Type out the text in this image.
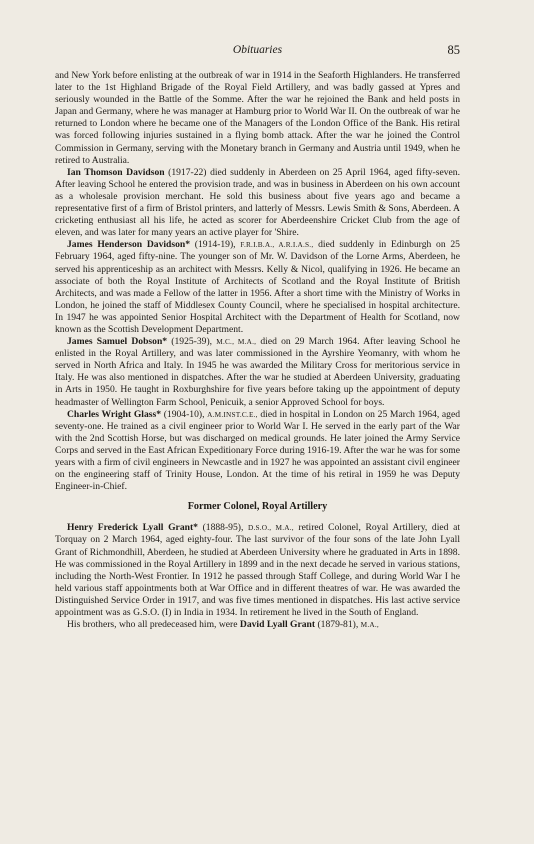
Obituaries	85

and New York before enlisting at the outbreak of war in 1914 in the Seaforth Highlanders. He transferred later to the 1st Highland Brigade of the Royal Field Artillery, and was badly gassed at Ypres and seriously wounded in the Battle of the Somme. After the war he rejoined the Bank and held posts in Japan and Germany, where he was manager at Hamburg prior to World War II. On the outbreak of war he returned to London where he became one of the Managers of the London Office of the Bank. His retiral was forced following injuries sustained in a flying bomb attack. After the war he joined the Control Commission in Germany, serving with the Monetary branch in Germany and Austria until 1949, when he retired to Australia.

Ian Thomson Davidson (1917-22) died suddenly in Aberdeen on 25 April 1964, aged fifty-seven. After leaving School he entered the provision trade, and was in business in Aberdeen on his own account as a wholesale provision merchant. He sold this business about five years ago and became a representative first of a firm of Bristol printers, and latterly of Messrs. Lewis Smith & Sons, Aberdeen. A cricketing enthusiast all his life, he acted as scorer for Aberdeenshire Cricket Club from the age of eleven, and was later for many years an active player for 'Shire.

James Henderson Davidson* (1914-19), F.R.I.B.A., A.R.I.A.S., died suddenly in Edinburgh on 25 February 1964, aged fifty-nine. The younger son of Mr. W. Davidson of the Lorne Arms, Aberdeen, he served his apprenticeship as an architect with Messrs. Kelly & Nicol, qualifying in 1926. He became an associate of both the Royal Institute of Architects of Scotland and the Royal Institute of British Architects, and was made a Fellow of the latter in 1956. After a short time with the Ministry of Works in London, he joined the staff of Middlesex County Council, where he specialised in hospital architecture. In 1947 he was appointed Senior Hospital Architect with the Department of Health for Scotland, now known as the Scottish Development Department.

James Samuel Dobson* (1925-39), M.C., M.A., died on 29 March 1964. After leaving School he enlisted in the Royal Artillery, and was later commissioned in the Ayrshire Yeomanry, with whom he served in North Africa and Italy. In 1945 he was awarded the Military Cross for meritorious service in Italy. He was also mentioned in dispatches. After the war he studied at Aberdeen University, graduating in Arts in 1950. He taught in Roxburghshire for five years before taking up the appointment of deputy headmaster of Wellington Farm School, Penicuik, a senior Approved School for boys.

Charles Wright Glass* (1904-10), A.M.INST.C.E., died in hospital in London on 25 March 1964, aged seventy-one. He trained as a civil engineer prior to World War I. He served in the early part of the War with the 2nd Scottish Horse, but was discharged on medical grounds. He later joined the Army Service Corps and served in the East African Expeditionary Force during 1916-19. After the war he was for some years with a firm of civil engineers in Newcastle and in 1927 he was appointed an assistant civil engineer on the engineering staff of Trinity House, London. At the time of his retiral in 1959 he was Deputy Engineer-in-Chief.

Former Colonel, Royal Artillery

Henry Frederick Lyall Grant* (1888-95), D.S.O., M.A., retired Colonel, Royal Artillery, died at Torquay on 2 March 1964, aged eighty-four. The last survivor of the four sons of the late John Lyall Grant of Richmondhill, Aberdeen, he studied at Aberdeen University where he graduated in Arts in 1898. He was commissioned in the Royal Artillery in 1899 and in the next decade he served in various stations, including the North-West Frontier. In 1912 he passed through Staff College, and during World War I he held various staff appointments both at War Office and in different theatres of war. He was awarded the Distinguished Service Order in 1917, and was five times mentioned in dispatches. His last active service appointment was as G.S.O. (I) in India in 1934. In retirement he lived in the South of England.

His brothers, who all predeceased him, were David Lyall Grant (1879-81), M.A.,
